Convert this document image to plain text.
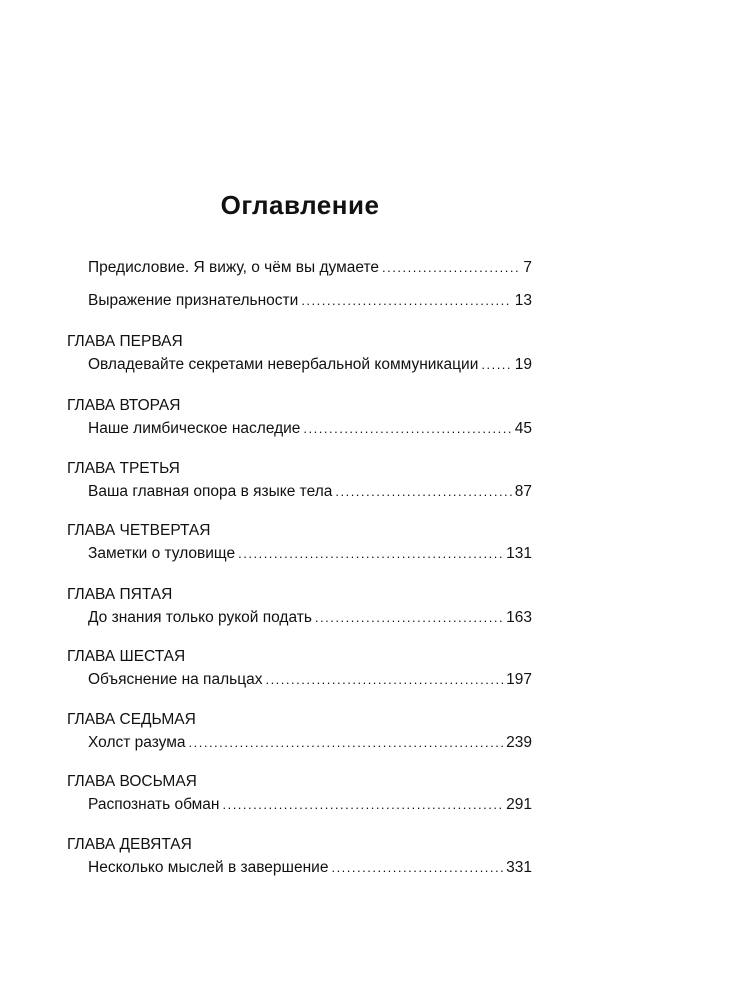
Оглавление
Предисловие. Я вижу, о чём вы думаете .....	7
Выражение признательности .....	13
ГЛАВА ПЕРВАЯ
Овладевайте секретами невербальной коммуникации ..... 19
ГЛАВА ВТОРАЯ
Наше лимбическое наследие .....	45
ГЛАВА ТРЕТЬЯ
Ваша главная опора в языке тела .....	87
ГЛАВА ЧЕТВЕРТАЯ
Заметки о туловище .....	131
ГЛАВА ПЯТАЯ
До знания только рукой подать .....	163
ГЛАВА ШЕСТАЯ
Объяснение на пальцах .....	197
ГЛАВА СЕДЬМАЯ
Холст разума .....	239
ГЛАВА ВОСЬМАЯ
Распознать обман .....	291
ГЛАВА ДЕВЯТАЯ
Несколько мыслей в завершение .....	331
